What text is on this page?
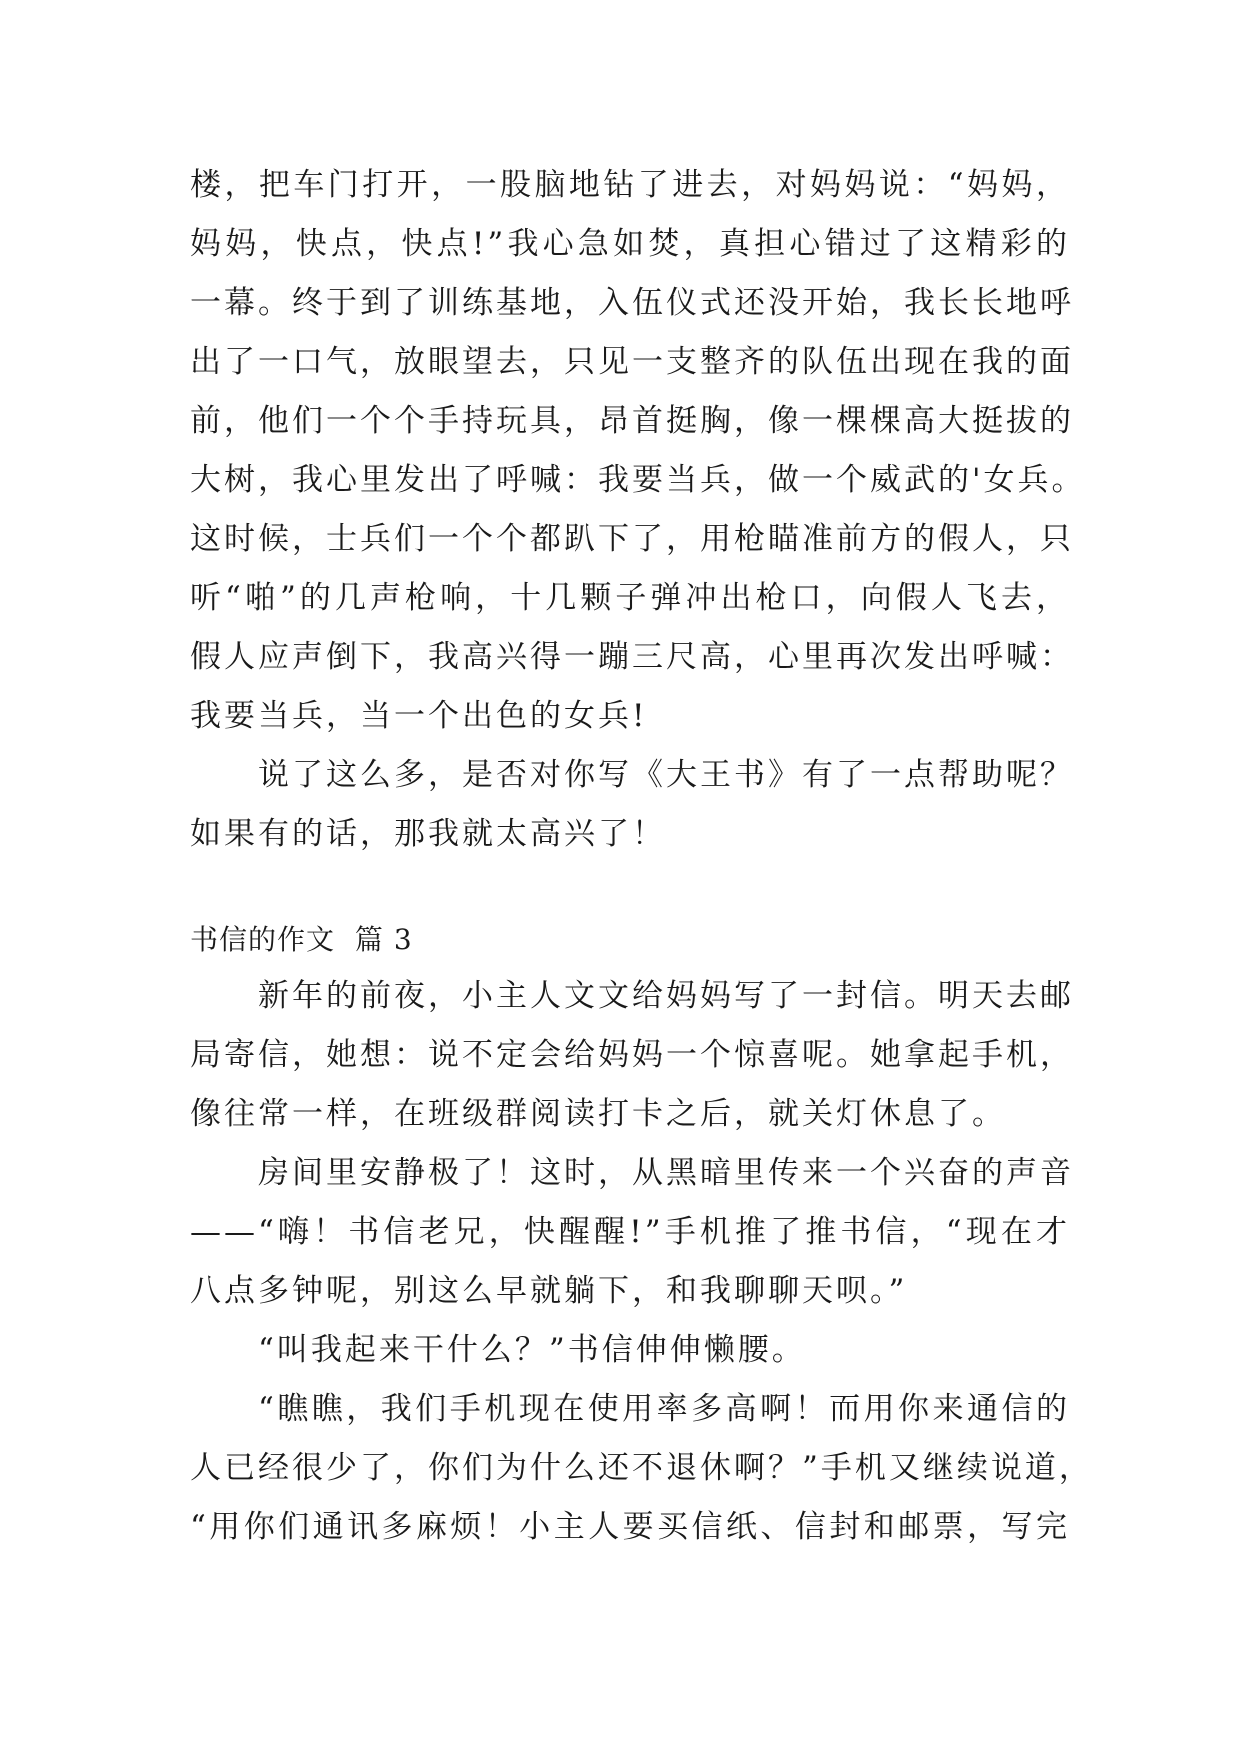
楼，把车门打开，一股脑地钻了进去，对妈妈说：“妈妈，
妈妈，快点，快点!”我心急如焚，真担心错过了这精彩的
一幕。终于到了训练基地，入伍仪式还没开始，我长长地呼
出了一口气，放眼望去，只见一支整齐的队伍出现在我的面
前，他们一个个手持玩具，昂首挺胸，像一棵棵高大挺拔的
大树，我心里发出了呼喊：我要当兵，做一个威武的'女兵。
这时候，士兵们一个个都趴下了，用枪瞄准前方的假人，只
听“啪”的几声枪响，十几颗子弹冲出枪口，向假人飞去，
假人应声倒下，我高兴得一蹦三尺高，心里再次发出呼喊：
我要当兵，当一个出色的女兵!
说了这么多，是否对你写《大王书》有了一点帮助呢？
如果有的话，那我就太高兴了！
书信的作文 篇 3
新年的前夜，小主人文文给妈妈写了一封信。明天去邮
局寄信，她想：说不定会给妈妈一个惊喜呢。她拿起手机，
像往常一样，在班级群阅读打卡之后，就关灯休息了。
房间里安静极了！这时，从黑暗里传来一个兴奋的声音
——“嗨！书信老兄，快醒醒!”手机推了推书信，“现在才
八点多钟呢，别这么早就躺下，和我聊聊天呗。”
“叫我起来干什么？”书信伸伸懒腰。
“瞧瞧，我们手机现在使用率多高啊！而用你来通信的
人已经很少了，你们为什么还不退休啊？”手机又继续说道，
“用你们通讯多麻烦！小主人要买信纸、信封和邮票，写完
